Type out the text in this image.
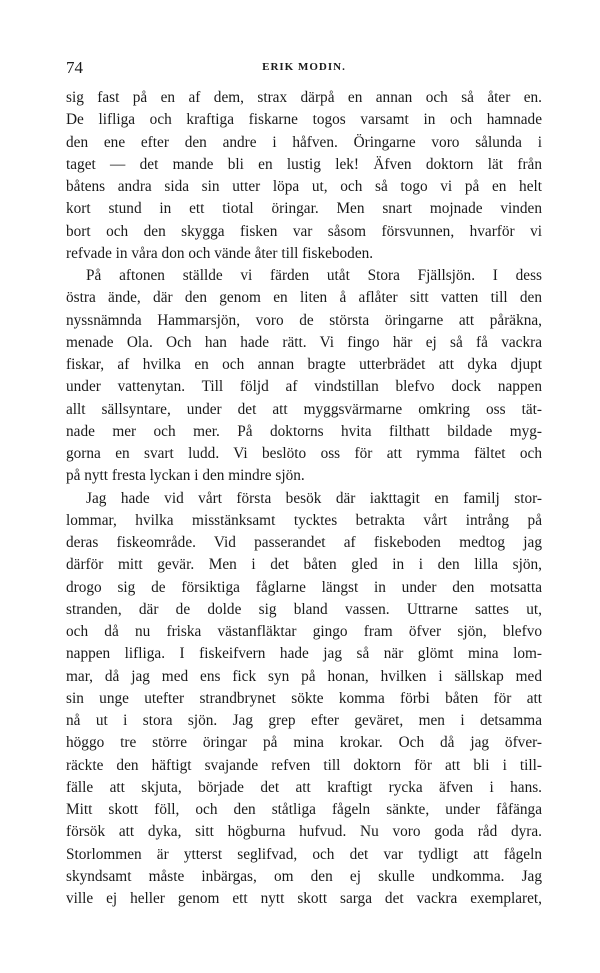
74	ERIK MODIN.
sig fast på en af dem, strax därpå en annan och så åter en.
De lifliga och kraftiga fiskarne togos varsamt in och hamnade
den ene efter den andre i håfven. Öringarne voro sålunda i
taget — det mande bli en lustig lek! Äfven doktorn lät från
båtens andra sida sin utter löpa ut, och så togo vi på en helt
kort stund in ett tiotal öringar. Men snart mojnade vinden
bort och den skygga fisken var såsom försvunnen, hvarför vi
refvade in våra don och vände åter till fiskeboden.
På aftonen ställde vi färden utåt Stora Fjällsjön. I dess
östra ände, där den genom en liten å aflåter sitt vatten till den
nyssnämnda Hammarsjön, voro de största öringarne att påräkna,
menade Ola. Och han hade rätt. Vi fingo här ej så få vackra
fiskar, af hvilka en och annan bragte utterbrädet att dyka djupt
under vattenytan. Till följd af vindstillan blefvo dock nappen
allt sällsyntare, under det att myggsvärmarne omkring oss tät-
nade mer och mer. På doktorns hvita filthatt bildade myg-
gorna en svart ludd. Vi beslöto oss för att rymma fältet och
på nytt fresta lyckan i den mindre sjön.
Jag hade vid vårt första besök där iakttagit en familj stor-
lommar, hvilka misstänksamt tycktes betrakta vårt intrång på
deras fiskeområde. Vid passerandet af fiskeboden medtog jag
därför mitt gevär. Men i det båten gled in i den lilla sjön,
drogo sig de försiktiga fåglarne längst in under den motsatta
stranden, där de dolde sig bland vassen. Uttrarne sattes ut,
och då nu friska västanfläktar gingo fram öfver sjön, blefvo
nappen lifliga. I fiskeifvern hade jag så när glömt mina lom-
mar, då jag med ens fick syn på honan, hvilken i sällskap med
sin unge utefter strandbrynet sökte komma förbi båten för att
nå ut i stora sjön. Jag grep efter geväret, men i detsamma
höggo tre större öringar på mina krokar. Och då jag öfver-
räckte den häftigt svajande refven till doktorn för att bli i till-
fälle att skjuta, började det att kraftigt rycka äfven i hans.
Mitt skott föll, och den ståtliga fågeln sänkte, under fåfänga
försök att dyka, sitt högburna hufvud. Nu voro goda råd dyra.
Storlommen är ytterst seglifvad, och det var tydligt att fågeln
skyndsamt måste inbärgas, om den ej skulle undkomma. Jag
ville ej heller genom ett nytt skott sarga det vackra exemplaret,
